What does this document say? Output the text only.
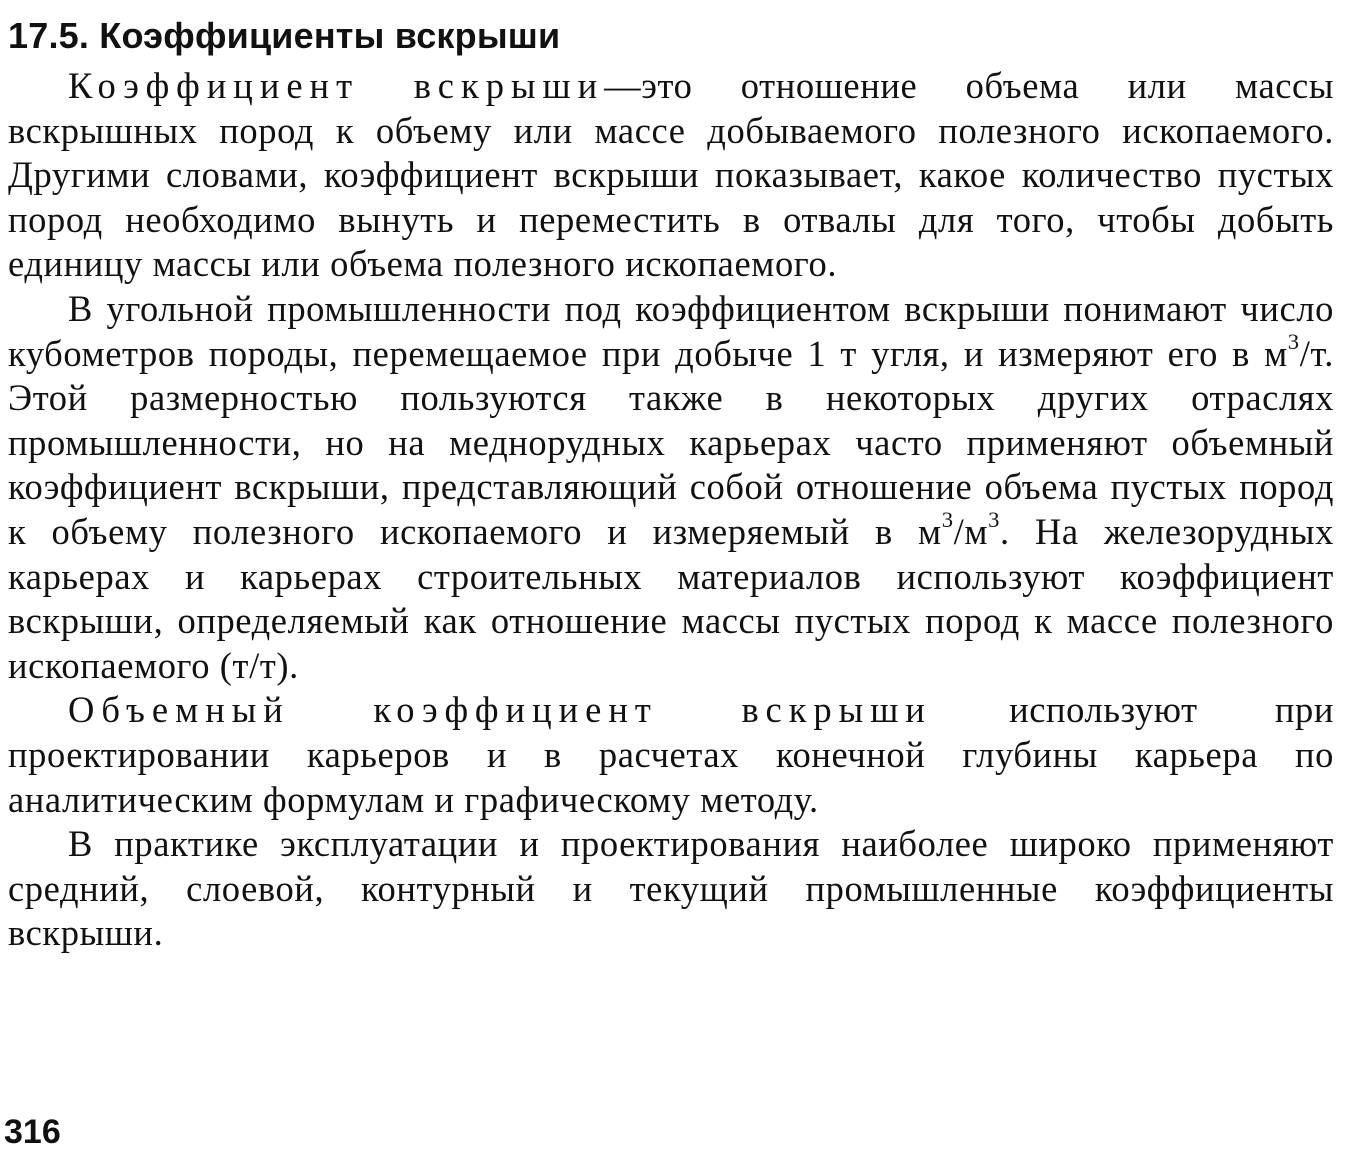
17.5. Коэффициенты вскрыши

Коэффициент вскрыши—это отношение объема или массы вскрышных пород к объему или массе добываемого полезного ископаемого. Другими словами, коэффициент вскрыши показывает, какое количество пустых пород необходимо вынуть и переместить в отвалы для того, чтобы добыть единицу массы или объема полезного ископаемого.

В угольной промышленности под коэффициентом вскрыши понимают число кубометров породы, перемещаемое при добыче 1 т угля, и измеряют его в $м^3/т$. Этой размерностью пользуются также в некоторых других отраслях промышленности, но на меднорудных карьерах часто применяют объемный коэффициент вскрыши, представляющий собой отношение объема пустых пород к объему полезного ископаемого и измеряемый в $м^3/м^3$. На железорудных карьерах и карьерах строительных материалов используют коэффициент вскрыши, определяемый как отношение массы пустых пород к массе полезного ископаемого (т/т).

Объемный коэффициент вскрыши используют при проектировании карьеров и в расчетах конечной глубины карьера по аналитическим формулам и графическому методу.

В практике эксплуатации и проектирования наиболее широко применяют средний, слоевой, контурный и текущий промышленные коэффициенты вскрыши.

316
